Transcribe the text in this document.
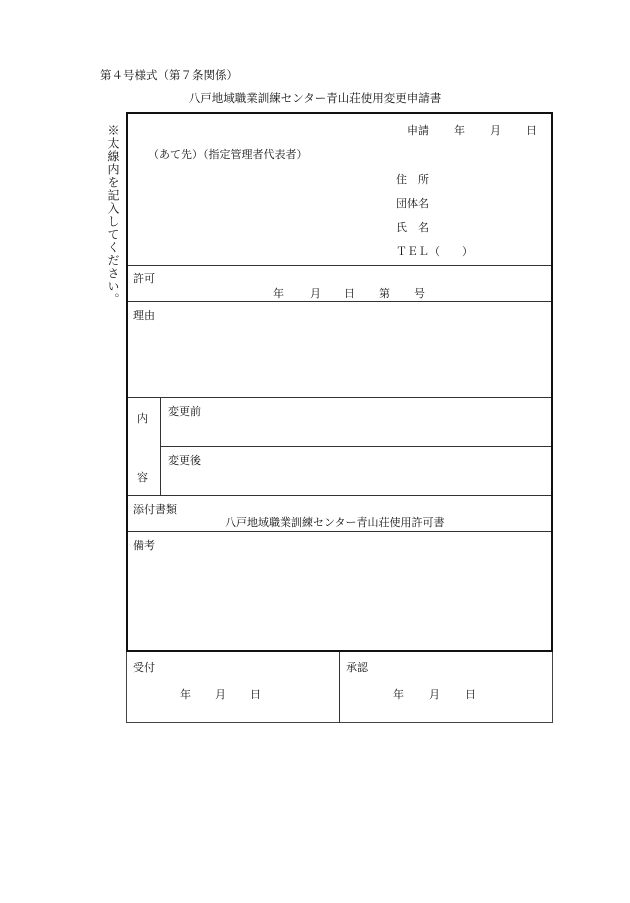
第４号様式（第７条関係）
八戸地域職業訓練センター青山荘使用変更申請書
※太線内を記入してください。	申請 年 月 日
（あて先）（指定管理者代表者）
住　所
団体名
氏　名
ＴＥＬ（　　）
許可
年 月 日 第 号
理由
内
容
変更前
変更後
添付書類
八戸地域職業訓練センター青山荘使用許可書
備考
受付
年 月 日
承認
年 月 日
